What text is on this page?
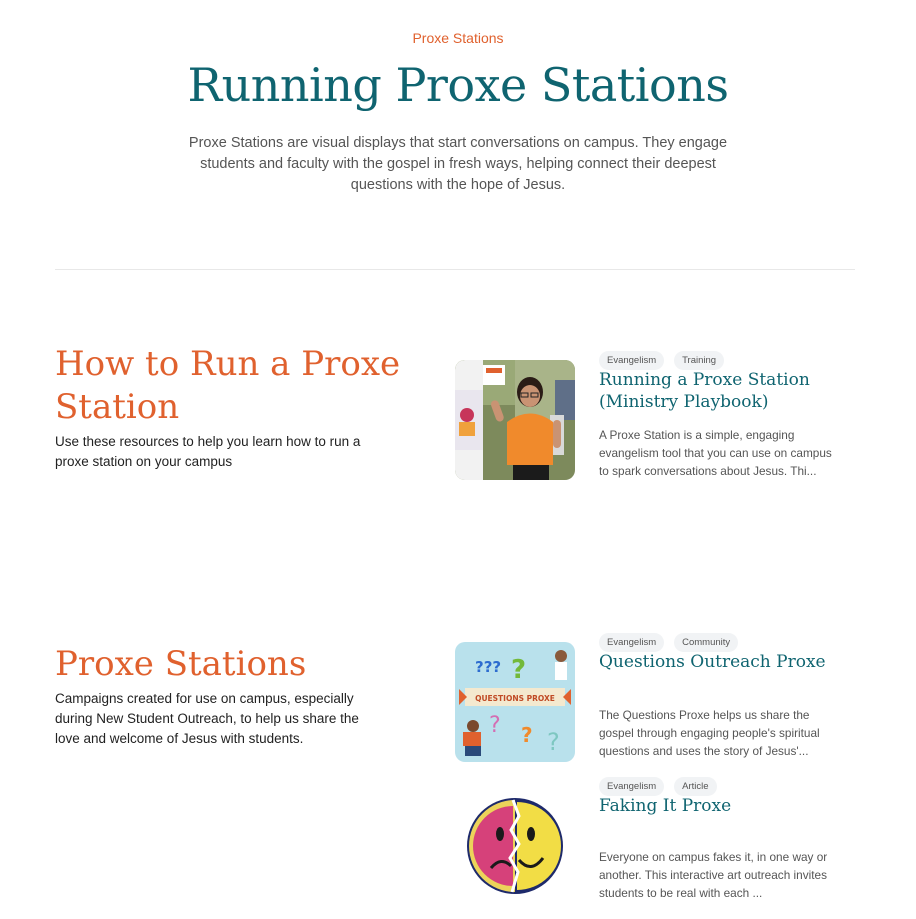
Proxe Stations
Running Proxe Stations

Proxe Stations are visual displays that start conversations on campus. They engage students and faculty with the gospel in fresh ways, helping connect their deepest questions with the hope of Jesus.

How to Run a Proxe Station

Use these resources to help you learn how to run a proxe station on your campus

Evangelism	Training
Running a Proxe Station (Ministry Playbook)

A Proxe Station is a simple, engaging evangelism tool that you can use on campus to spark conversations about Jesus. Thi...

Proxe Stations

Campaigns created for use on campus, especially during New Student Outreach, to help us share the love and welcome of Jesus with students.

??? ?
QUESTIONS PROXE
? ? ?
Evangelism	Community
Questions Outreach Proxe

The Questions Proxe helps us share the gospel through engaging people's spiritual questions and uses the story of Jesus'...

Evangelism	Article
Faking It Proxe

Everyone on campus fakes it, in one way or another. This interactive art outreach invites students to be real with each ...
